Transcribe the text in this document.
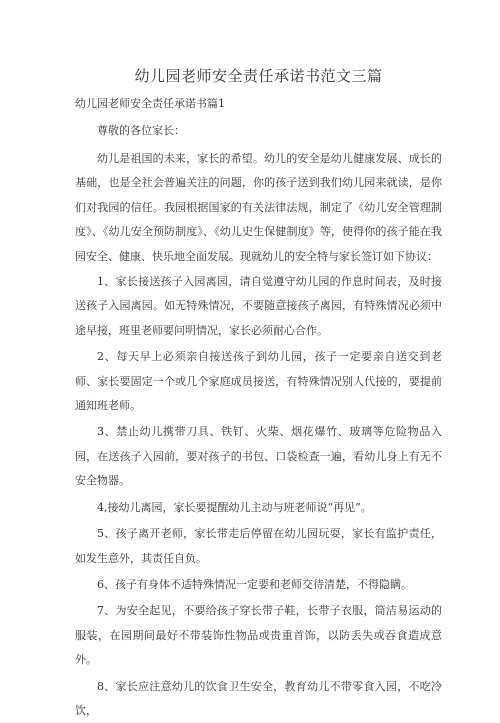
幼儿园老师安全责任承诺书范文三篇

幼儿园老师安全责任承诺书篇1

尊敬的各位家长：

幼儿是祖国的未来，家长的希望。幼儿的安全是幼儿健康发展、成长的基础，也是全社会普遍关注的问题，你的孩子送到我们幼儿园来就读，是你们对我园的信任。我园根据国家的有关法律法规，制定了《幼儿安全管理制度》、《幼儿安全预防制度》、《幼儿史生保健制度》等，使得你的孩子能在我园安全、健康、快乐地全面发展。现就幼儿的安全特与家长签订如下协议：

1、家长接送孩子入园离园，请自觉遵守幼儿园的作息时间表，及时接送孩子入园离园。如无特殊情况，不要随意接孩子离园，有特殊情况必须中途早接，班里老师要问明情况，家长必须耐心合作。

2、每天早上必须亲自接送孩子到幼儿园，孩子一定要亲自送交到老师、家长要固定一个或几个家庭成员接送，有特殊情况别人代接的，要提前通知班老师。

3、禁止幼儿携带刀具、铁钉、火柴、烟花爆竹、玻璃等危险物品入园，在送孩子入园前，要对孩子的书包、口袋检查一遍，看幼儿身上有无不安全物器。

4,接幼儿离园，家长要提醒幼儿主动与班老师说“再见”。

5、孩子离开老师，家长带走后停留在幼儿园玩耍，家长有监护责任，如发生意外，其责任自负。

6、孩子有身体不适特殊情况一定要和老师交待清楚，不得隐瞒。

7、为安全起见，不要给孩子穿长带子鞋，长带子衣服，筒洁易运动的服装，在园期间最好不带装饰性物品或贵重首饰，以防丢失或吞食造成意外。

8、家长应注意幼儿的饮食卫生安全，教育幼儿不带零食入园，不吃冷饮，
